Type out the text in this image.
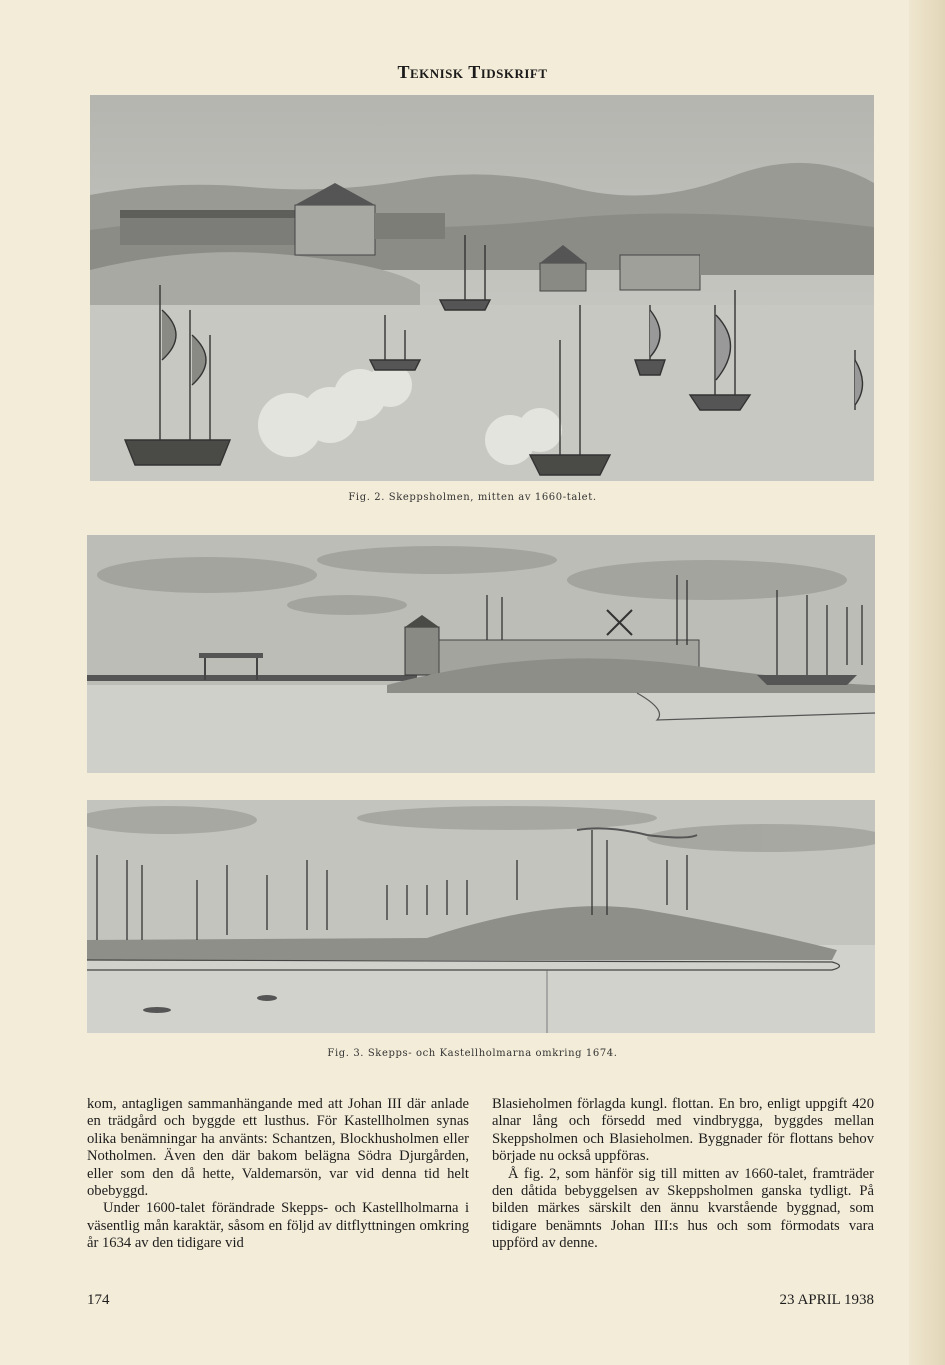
Teknisk Tidskrift
Fig. 2. Skeppsholmen, mitten av 1660-talet.
Fig. 3. Skepps- och Kastellholmarna omkring 1674.

kom, antagligen sammanhängande med att Johan III där anlade en trädgård och byggde ett lusthus. För Kastellholmen synas olika benämningar ha använts: Schantzen, Blockhusholmen eller Notholmen. Även den där bakom belägna Södra Djurgården, eller som den då hette, Valdemarsön, var vid denna tid helt obebyggd.

Under 1600-talet förändrade Skepps- och Kastellholmarna i väsentlig mån karaktär, såsom en följd av ditflyttningen omkring år 1634 av den tidigare vid

Blasieholmen förlagda kungl. flottan. En bro, enligt uppgift 420 alnar lång och försedd med vindbrygga, byggdes mellan Skeppsholmen och Blasieholmen. Byggnader för flottans behov började nu också uppföras.

Å fig. 2, som hänför sig till mitten av 1660-talet, framträder den dåtida bebyggelsen av Skeppsholmen ganska tydligt. På bilden märkes särskilt den ännu kvarstående byggnad, som tidigare benämnts Johan III:s hus och som förmodats vara uppförd av denne.

174	23 APRIL 1938
